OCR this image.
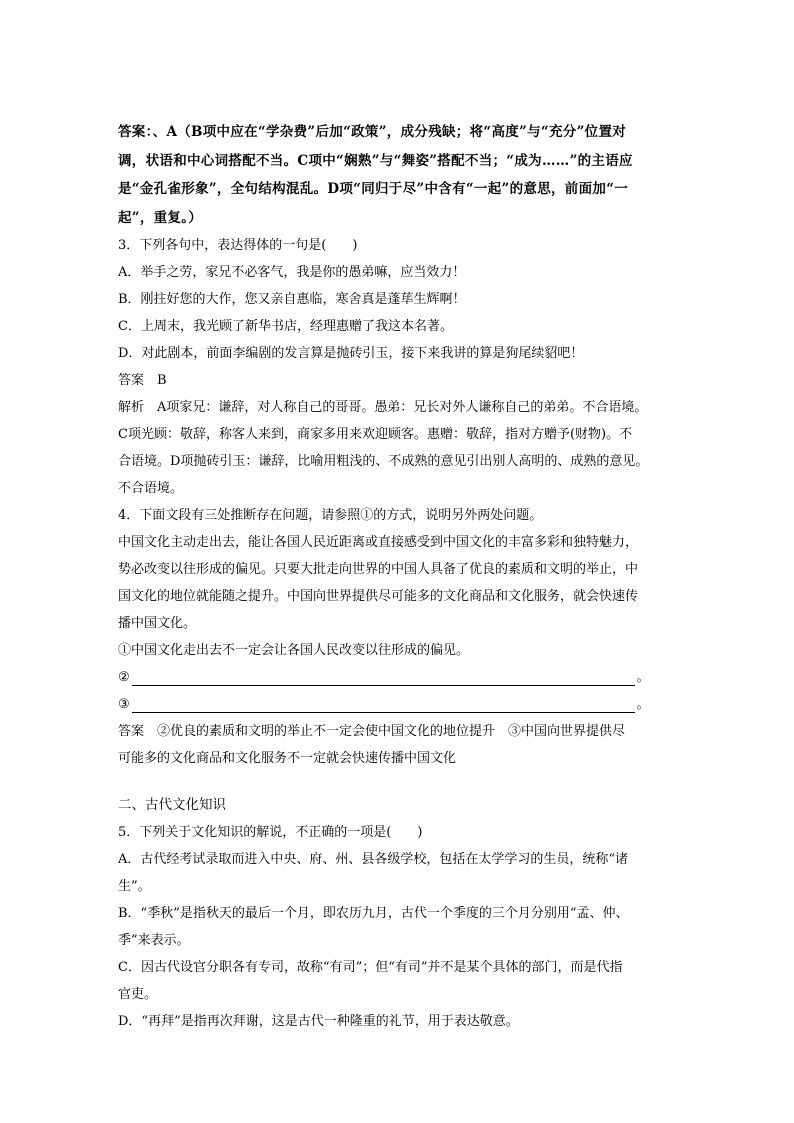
答案：、A（B项中应在“学杂费”后加“政策”，成分残缺；将“高度”与“充分”位置对
调，状语和中心词搭配不当。C项中“娴熟”与“舞姿”搭配不当；“成为……”的主语应
是“金孔雀形象”，全句结构混乱。D项“同归于尽”中含有“一起”的意思，前面加“一
起”，重复。）
3．下列各句中，表达得体的一句是(　　)
A．举手之劳，家兄不必客气，我是你的愚弟嘛，应当效力！
B．刚拄好您的大作，您又亲自惠临，寒舍真是蓬荜生辉啊！
C．上周末，我光顾了新华书店，经理惠赠了我这本名著。
D．对此剧本，前面李编剧的发言算是抛砖引玉，接下来我讲的算是狗尾续貂吧！
答案　B
解析　A项家兄：谦辞，对人称自己的哥哥。愚弟：兄长对外人谦称自己的弟弟。不合语境。
C项光顾：敬辞，称客人来到，商家多用来欢迎顾客。惠赠：敬辞，指对方赠予(财物)。不
合语境。D项抛砖引玉：谦辞，比喻用粗浅的、不成熟的意见引出别人高明的、成熟的意见。
不合语境。
4．下面文段有三处推断存在问题，请参照①的方式，说明另外两处问题。
中国文化主动走出去，能让各国人民近距离或直接感受到中国文化的丰富多彩和独特魅力，
势必改变以往形成的偏见。只要大批走向世界的中国人具备了优良的素质和文明的举止，中
国文化的地位就能随之提升。中国向世界提供尽可能多的文化商品和文化服务，就会快速传
播中国文化。
①中国文化走出去不一定会让各国人民改变以往形成的偏见。
②	。
③	。
答案　②优良的素质和文明的举止不一定会使中国文化的地位提升　③中国向世界提供尽
可能多的文化商品和文化服务不一定就会快速传播中国文化
二、古代文化知识
5．下列关于文化知识的解说，不正确的一项是(　　)
A．古代经考试录取而进入中央、府、州、县各级学校，包括在太学学习的生员，统称“诸
生”。
B．“季秋”是指秋天的最后一个月，即农历九月，古代一个季度的三个月分别用“孟、仲、
季”来表示。
C．因古代设官分职各有专司，故称“有司”；但“有司”并不是某个具体的部门，而是代指
官吏。
D．“再拜”是指再次拜谢，这是古代一种隆重的礼节，用于表达敬意。
